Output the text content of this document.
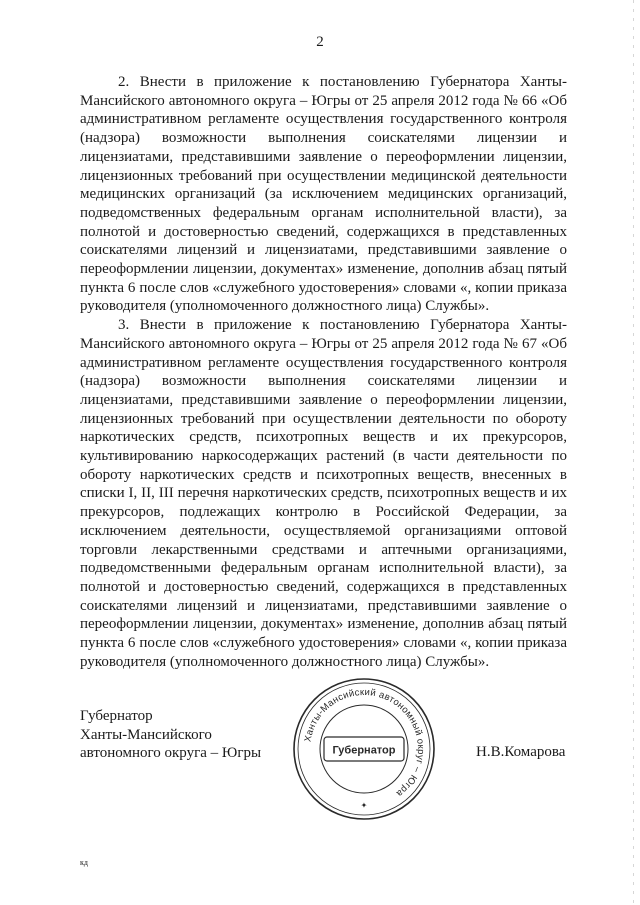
2

2. Внести в приложение к постановлению Губернатора Ханты-Мансийского автономного округа – Югры от 25 апреля 2012 года № 66 «Об административном регламенте осуществления государственного контроля (надзора) возможности выполнения соискателями лицензии и лицензиатами, представившими заявление о переоформлении лицензии, лицензионных требований при осуществлении медицинской деятельности медицинских организаций (за исключением медицинских организаций, подведомственных федеральным органам исполнительной власти), за полнотой и достоверностью сведений, содержащихся в представленных соискателями лицензий и лицензиатами, представившими заявление о переоформлении лицензии, документах» изменение, дополнив абзац пятый пункта 6 после слов «служебного удостоверения» словами «, копии приказа руководителя (уполномоченного должностного лица) Службы».

3. Внести в приложение к постановлению Губернатора Ханты-Мансийского автономного округа – Югры от 25 апреля 2012 года № 67 «Об административном регламенте осуществления государственного контроля (надзора) возможности выполнения соискателями лицензии и лицензиатами, представившими заявление о переоформлении лицензии, лицензионных требований при осуществлении деятельности по обороту наркотических средств, психотропных веществ и их прекурсоров, культивированию наркосодержащих растений (в части деятельности по обороту наркотических средств и психотропных веществ, внесенных в списки I, II, III перечня наркотических средств, психотропных веществ и их прекурсоров, подлежащих контролю в Российской Федерации, за исключением деятельности, осуществляемой организациями оптовой торговли лекарственными средствами и аптечными организациями, подведомственными федеральным органам исполнительной власти), за полнотой и достоверностью сведений, содержащихся в представленных соискателями лицензий и лицензиатами, представившими заявление о переоформлении лицензии, документах» изменение, дополнив абзац пятый пункта 6 после слов «служебного удостоверения» словами «, копии приказа руководителя (уполномоченного должностного лица) Службы».

Губернатор
Ханты-Мансийского
автономного округа – Югры
Ханты-Мансийский автономный округ – Югра
Губернатор
✦
Н.В.Комарова
кд
